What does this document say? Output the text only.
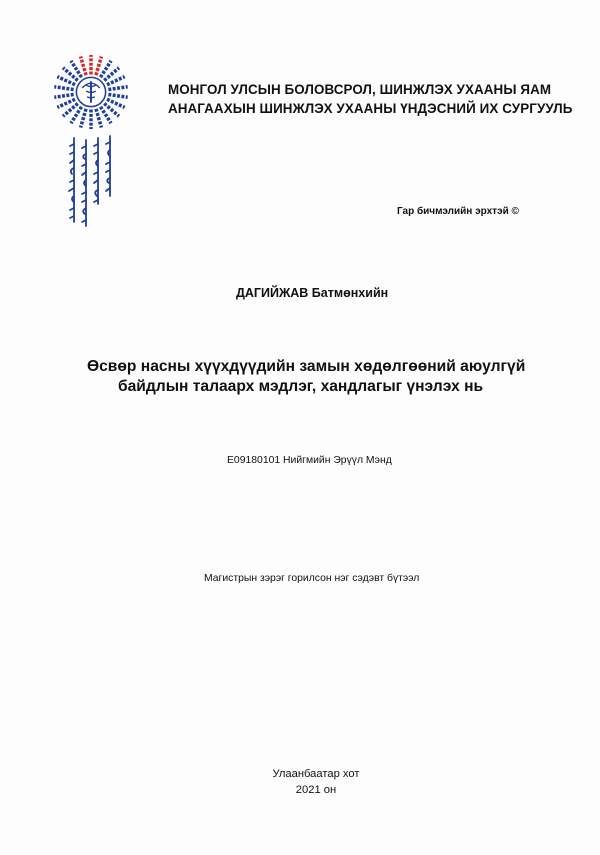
МОНГОЛ УЛСЫН БОЛОВСРОЛ, ШИНЖЛЭХ УХААНЫ ЯАМ
АНАГААХЫН ШИНЖЛЭХ УХААНЫ ҮНДЭСНИЙ ИХ СУРГУУЛЬ
Гар бичмэлийн эрхтэй ©
ДАГИЙЖАВ Батмөнхийн
Өсвөр насны хүүхдүүдийн замын хөдөлгөөний аюулгүй
байдлын талаарх мэдлэг, хандлагыг үнэлэх нь
Е09180101 Нийгмийн Эрүүл Мэнд
Магистрын зэрэг горилсон нэг сэдэвт бүтээл
Улаанбаатар хот
2021 он
